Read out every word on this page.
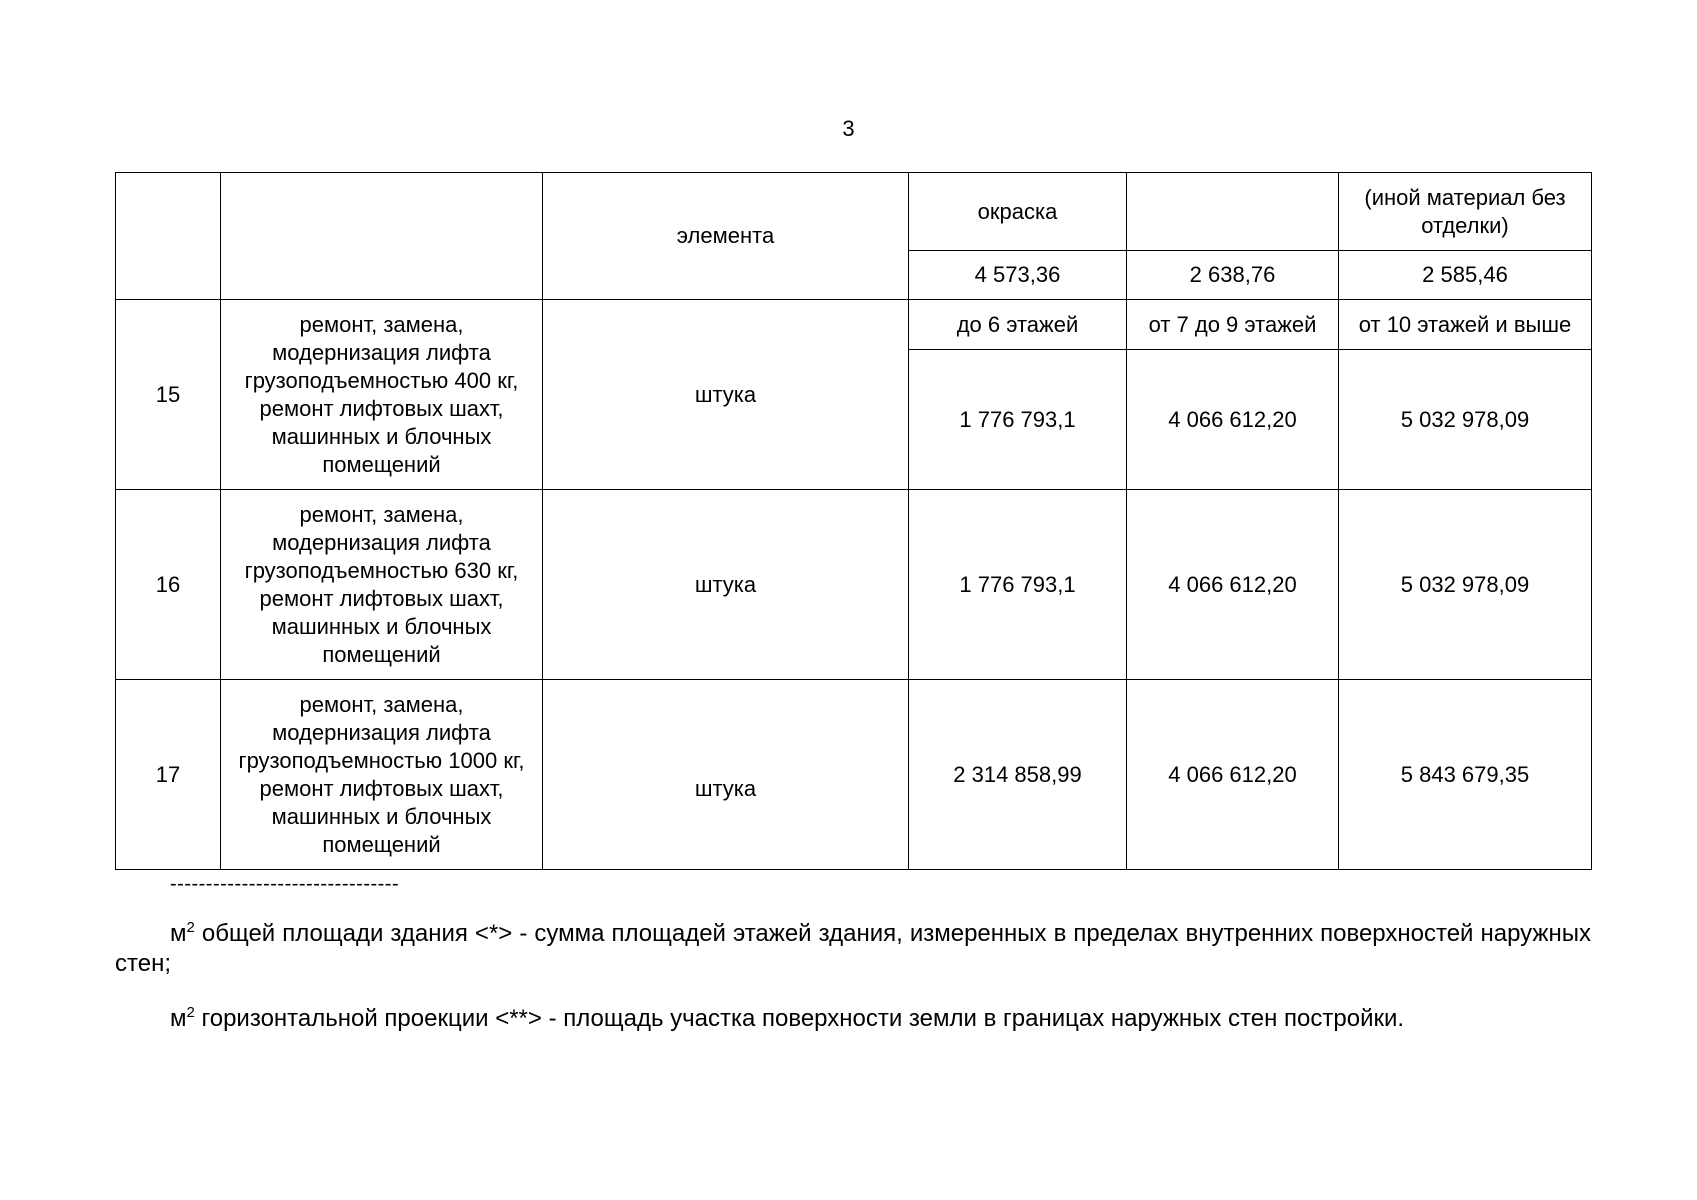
3
		элемента	окраска		(иной материал без отделки)
			4 573,36	2 638,76	2 585,46
15	ремонт, замена, модернизация лифта грузоподъемностью 400 кг, ремонт лифтовых шахт, машинных и блочных помещений	штука	до 6 этажей	от 7 до 9 этажей	от 10 этажей и выше
			1 776 793,1	4 066 612,20	5 032 978,09
16	ремонт, замена, модернизация лифта грузоподъемностью 630 кг, ремонт лифтовых шахт, машинных и блочных помещений	штука	1 776 793,1	4 066 612,20	5 032 978,09
17	ремонт, замена, модернизация лифта грузоподъемностью 1000 кг, ремонт лифтовых шахт, машинных и блочных помещений	штука	2 314 858,99	4 066 612,20	5 843 679,35
--------------------------------

$м^2$ общей площади здания <*> - сумма площадей этажей здания, измеренных в пределах внутренних поверхностей наружных стен;

$м^2$ горизонтальной проекции <**> - площадь участка поверхности земли в границах наружных стен постройки.
